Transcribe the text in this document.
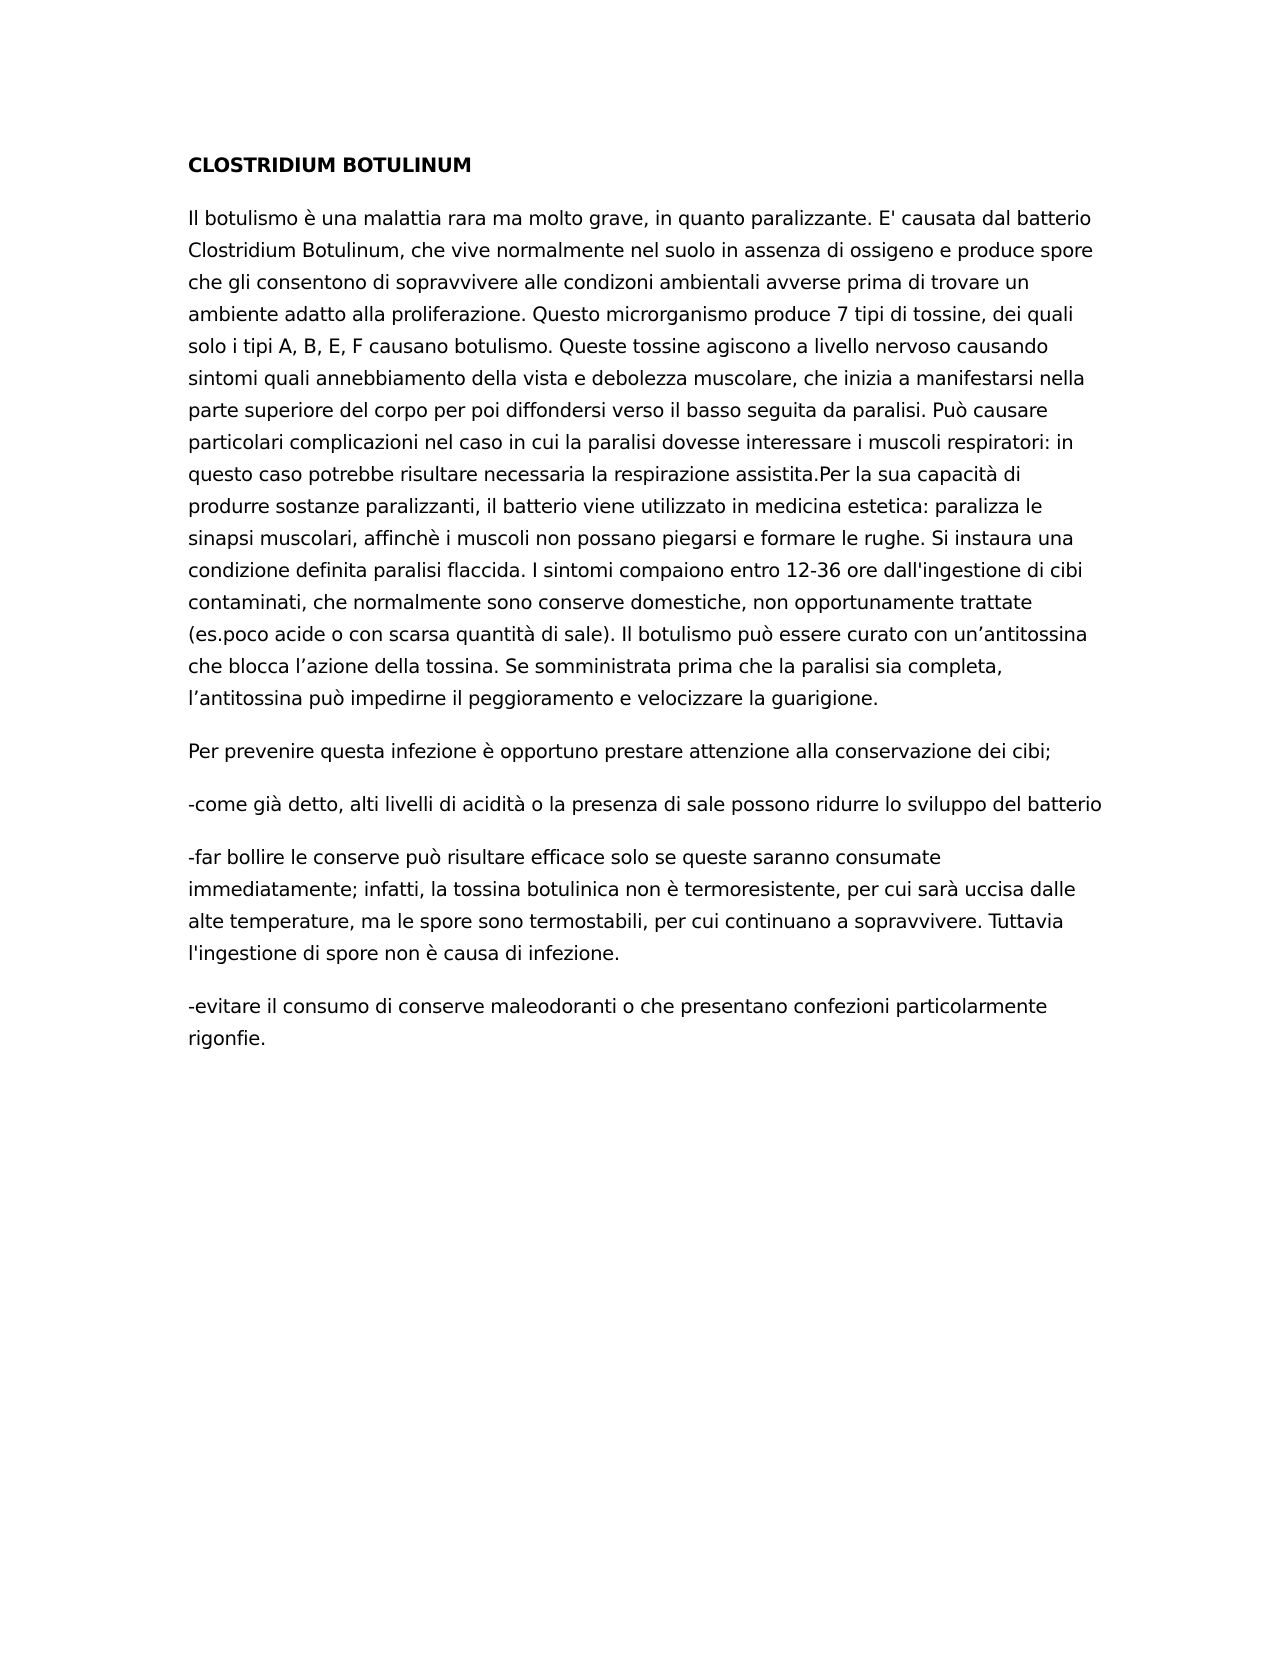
CLOSTRIDIUM BOTULINUM

Il botulismo è una malattia rara ma molto grave, in quanto paralizzante. E' causata dal batterio Clostridium Botulinum, che vive normalmente nel suolo in assenza di ossigeno e produce spore che gli consentono di sopravvivere alle condizoni ambientali avverse prima di trovare un ambiente adatto alla proliferazione. Questo microrganismo produce 7 tipi di tossine, dei quali solo i tipi A, B, E, F causano botulismo. Queste tossine agiscono a livello nervoso causando sintomi quali annebbiamento della vista e debolezza muscolare, che inizia a manifestarsi nella parte superiore del corpo per poi diffondersi verso il basso seguita da paralisi. Può causare particolari complicazioni nel caso in cui la paralisi dovesse interessare i muscoli respiratori: in questo caso potrebbe risultare necessaria la respirazione assistita.Per la sua capacità di produrre sostanze paralizzanti, il batterio viene utilizzato in medicina estetica: paralizza le sinapsi muscolari, affinchè i muscoli non possano piegarsi e formare le rughe. Si instaura una condizione definita paralisi flaccida. I sintomi compaiono entro 12-36 ore dall'ingestione di cibi contaminati, che normalmente sono conserve domestiche, non opportunamente trattate (es.poco acide o con scarsa quantità di sale). Il botulismo può essere curato con un’antitossina che blocca l’azione della tossina. Se somministrata prima che la paralisi sia completa, l’antitossina può impedirne il peggioramento e velocizzare la guarigione.

Per prevenire questa infezione è opportuno prestare attenzione alla conservazione dei cibi;

-come già detto, alti livelli di acidità o la presenza di sale possono ridurre lo sviluppo del batterio

-far bollire le conserve può risultare efficace solo se queste saranno consumate immediatamente; infatti, la tossina botulinica non è termoresistente, per cui sarà uccisa dalle alte temperature, ma le spore sono termostabili, per cui continuano a sopravvivere. Tuttavia l'ingestione di spore non è causa di infezione.

-evitare il consumo di conserve maleodoranti o che presentano confezioni particolarmente rigonfie.
